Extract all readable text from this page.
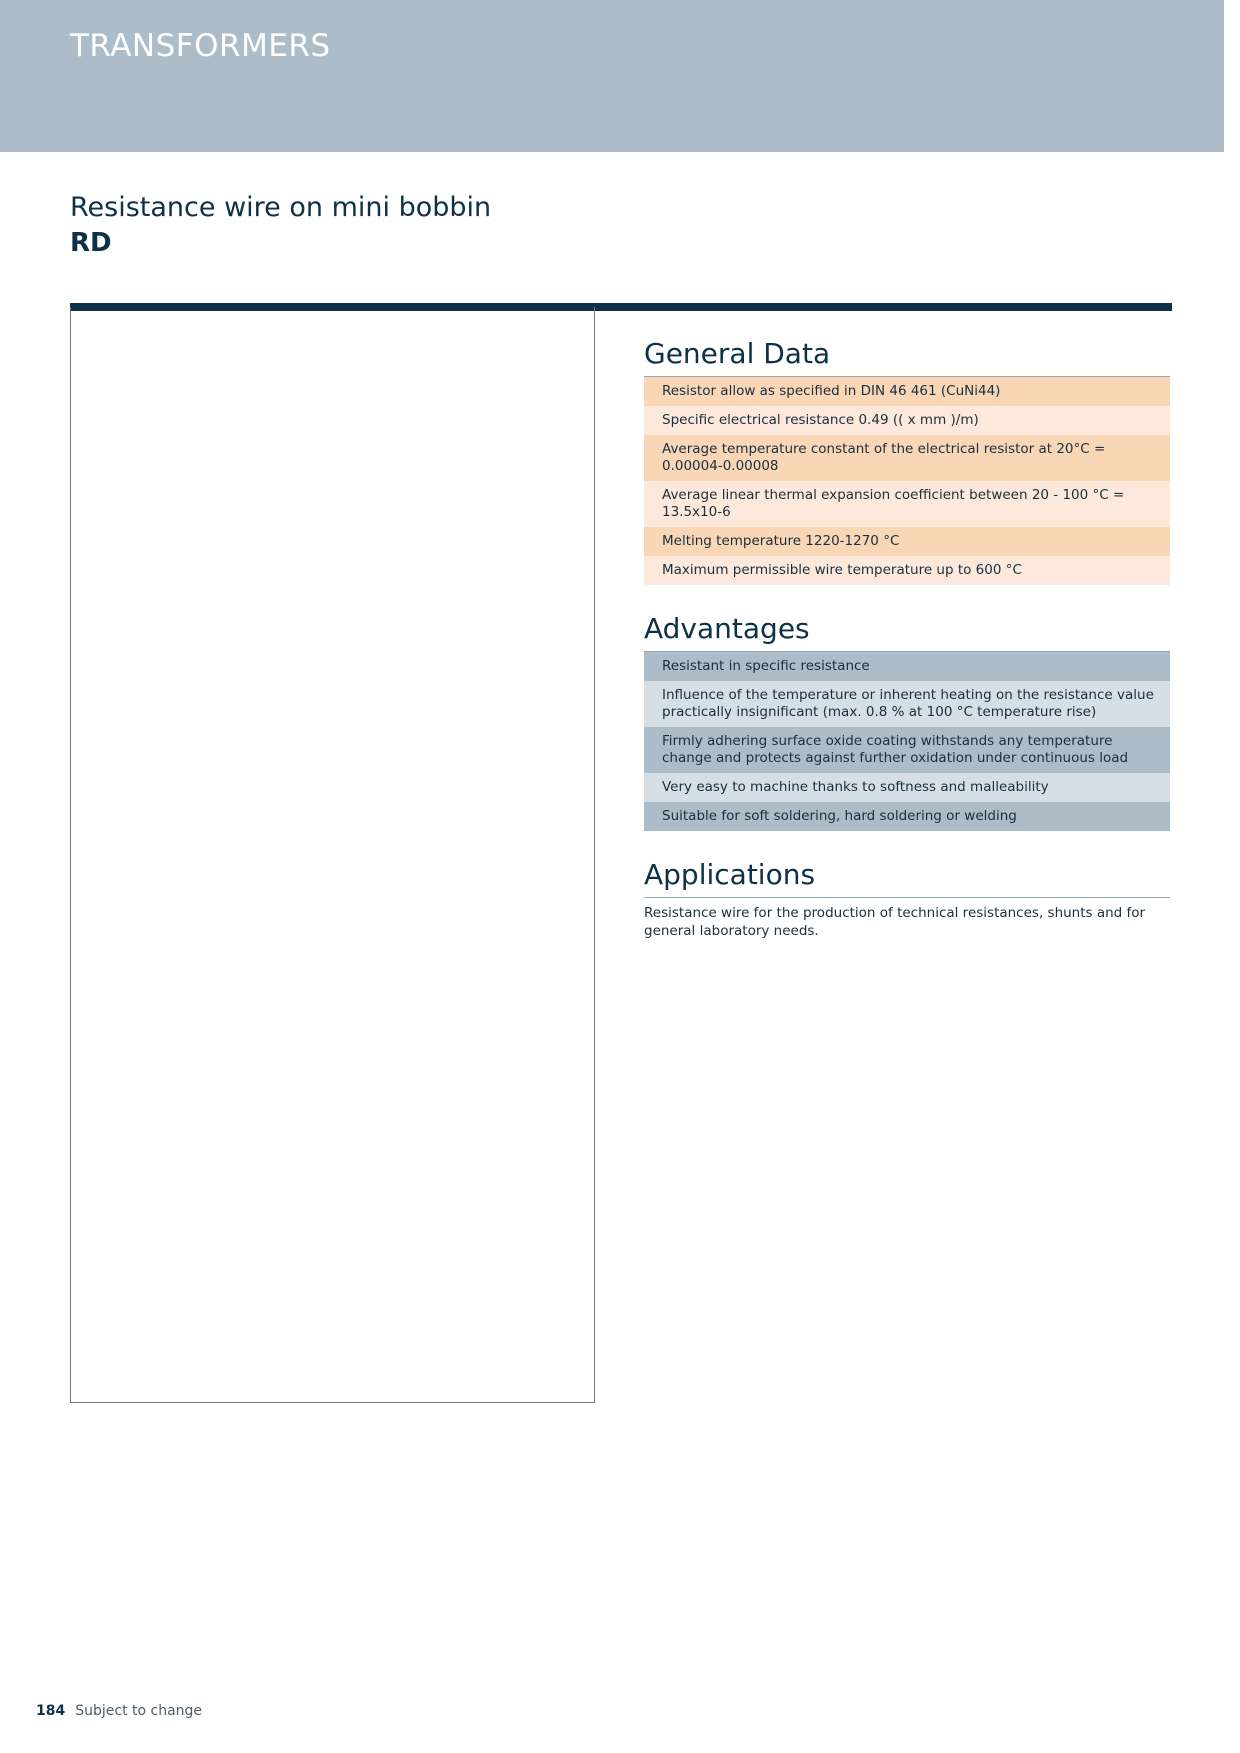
TRANSFORMERS
Resistance wire on mini bobbin
RD
General Data
Resistor allow as specified in DIN 46 461 (CuNi44)
Specific electrical resistance 0.49 (( x mm )/m)
Average temperature constant of the electrical resistor at 20°C = 0.00004-0.00008
Average linear thermal expansion coefficient between 20 - 100 °C = 13.5x10-6
Melting temperature 1220-1270 °C
Maximum permissible wire temperature up to 600 °C
Advantages
Resistant in specific resistance
Influence of the temperature or inherent heating on the resistance value practically insignificant (max. 0.8 % at 100 °C temperature rise)
Firmly adhering surface oxide coating withstands any temperature change and protects against further oxidation under continuous load
Very easy to machine thanks to softness and malleability
Suitable for soft soldering, hard soldering or welding
Applications
Resistance wire for the production of technical resistances, shunts and for general laboratory needs.
184 Subject to change
